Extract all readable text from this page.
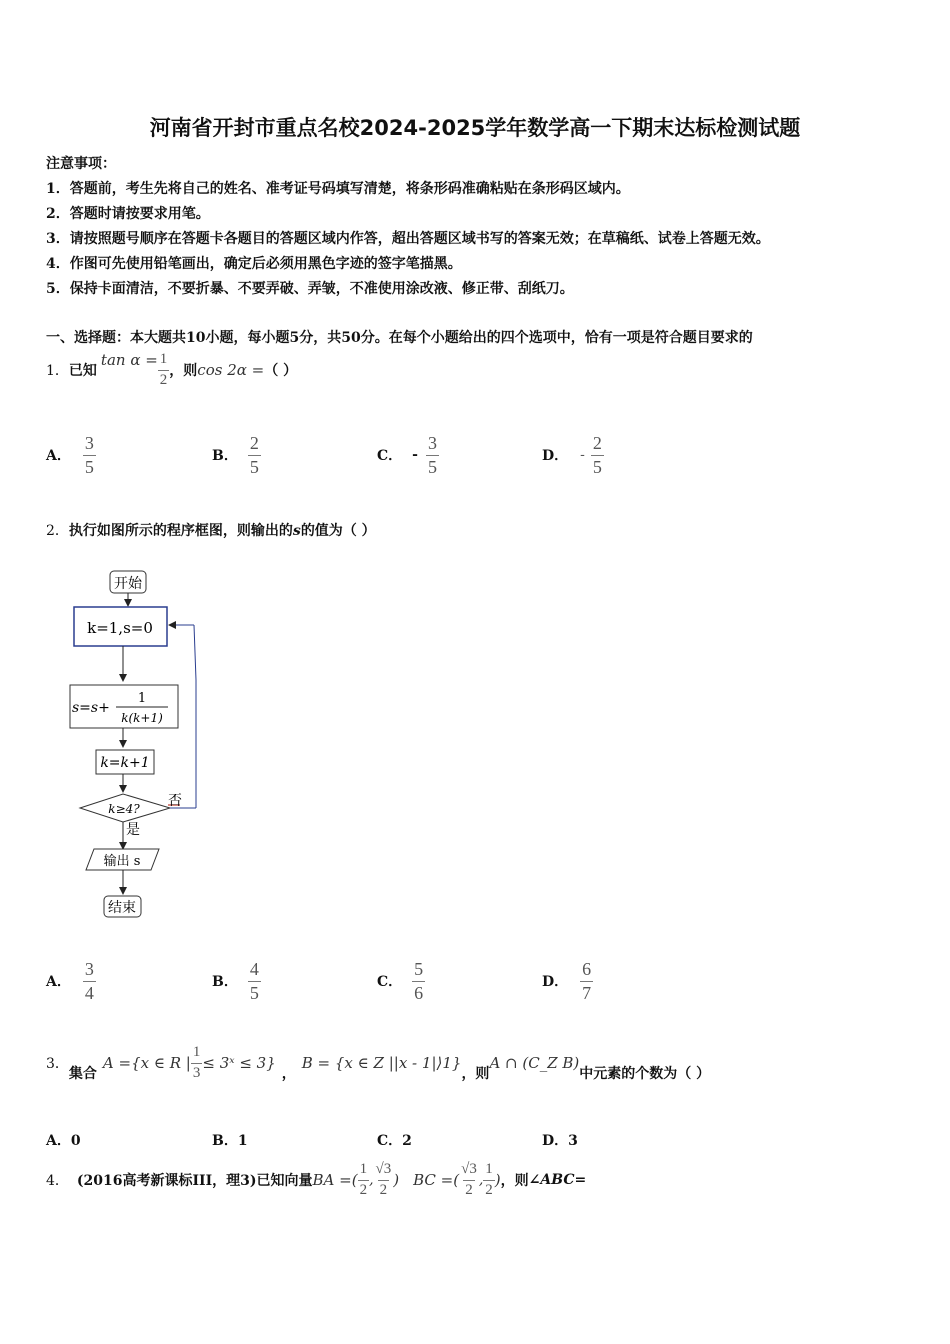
河南省开封市重点名校2024-2025学年数学高一下期末达标检测试题
注意事项：
1．答题前，考生先将自己的姓名、准考证号码填写清楚，将条形码准确粘贴在条形码区域内。
2．答题时请按要求用笔。
3．请按照题号顺序在答题卡各题目的答题区域内作答，超出答题区域书写的答案无效；在草稿纸、试卷上答题无效。
4．作图可先使用铅笔画出，确定后必须用黑色字迹的签字笔描黑。
5．保持卡面清洁，不要折暴、不要弄破、弄皱，不准使用涂改液、修正带、刮纸刀。
一、选择题：本大题共10小题，每小题5分，共50分。在每个小题给出的四个选项中，恰有一项是符合题目要求的
1． 已知
$\tan \alpha = \frac{1}{2}$ ，则 cos 2α = （ ）
A． $\frac{3}{5}$	B． $\frac{2}{5}$	C． - $\frac{3}{5}$	D． - $\frac{2}{5}$
2．执行如图所示的程序框图，则输出的s的值为（ ）
开始
k=1,s=0
s=s+
1
k(k+1)
k=k+1
k≥4? 否
是
输出 s
结束
A． $\frac{3}{4}$	B． $\frac{4}{5}$	C． $\frac{5}{6}$	D． $\frac{6}{7}$
3．
集合
A ={x ∈ R | $\frac{1}{3}$ ≤ 3ˣ ≤ 3}
，
B = {x ∈ Z ||x - 1|⟩1}
，则
A ∩ (C_Z B)
中元素的个数为（ ）
A．0	B．1	C．2	D．3
4． (2016高考新课标III，理3)已知向量 BA =( $\frac{1}{2}$ , $\frac{√3}{2}$ ) BC =( $\frac{√3}{2}$ , $\frac{1}{2}$ ) ，则 ∠ABC=
